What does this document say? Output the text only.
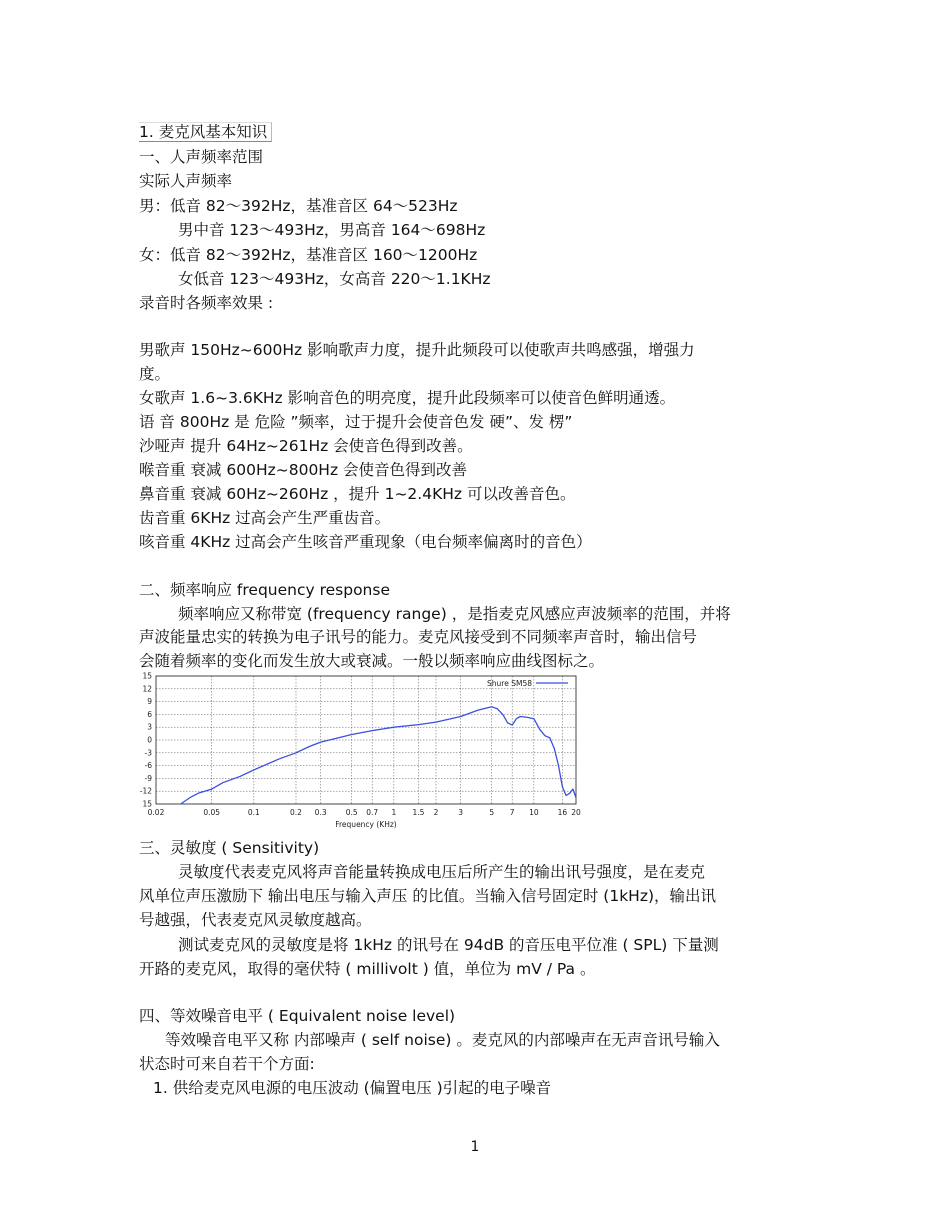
1. 麦克风基本知识
一、人声频率范围
实际人声频率
男：低音 82～392Hz，基准音区 64～523Hz
男中音 123～493Hz，男高音 164～698Hz
女：低音 82～392Hz，基准音区 160～1200Hz
女低音 123～493Hz，女高音 220～1.1KHz
录音时各频率效果 :
男歌声 150Hz~600Hz 影响歌声力度，提升此频段可以使歌声共鸣感强，增强力
度。
女歌声 1.6~3.6KHz 影响音色的明亮度，提升此段频率可以使音色鲜明通透。
语 音 800Hz 是 危险 ”频率，过于提升会使音色发 硬”、发 楞”
沙哑声 提升 64Hz~261Hz 会使音色得到改善。
喉音重 衰减 600Hz~800Hz 会使音色得到改善
鼻音重 衰减 60Hz~260Hz ，提升 1~2.4KHz 可以改善音色。
齿音重 6KHz 过高会产生严重齿音。
咳音重 4KHz 过高会产生咳音严重现象（电台频率偏离时的音色）
二、频率响应 frequency response
频率响应又称带宽 (frequency range) ，是指麦克风感应声波频率的范围，并将
声波能量忠实的转换为电子讯号的能力。麦克风接受到不同频率声音时，输出信号
会随着频率的变化而发生放大或衰减。一般以频率响应曲线图标之。
15
12
9
6
3
0
-3
-6
-9
-12
15
0.02	0.05	0.1	0.2 0.3	0.5 0.7 1 1.5 2	3	5 7 10	16 20
Shure SM58
Frequency (KHz)
三、灵敏度 ( Sensitivity)
灵敏度代表麦克风将声音能量转换成电压后所产生的输出讯号强度，是在麦克
风单位声压激励下 输出电压与输入声压 的比值。当输入信号固定时 (1kHz)，输出讯
号越强，代表麦克风灵敏度越高。
测试麦克风的灵敏度是将 1kHz 的讯号在 94dB 的音压电平位准 ( SPL) 下量测
开路的麦克风，取得的毫伏特 ( millivolt ) 值，单位为 mV / Pa 。
四、等效噪音电平 ( Equivalent noise level)
等效噪音电平又称 内部噪声 ( self noise) 。麦克风的内部噪声在无声音讯号输入
状态时可来自若干个方面:
1. 供给麦克风电源的电压波动 (偏置电压 )引起的电子噪音
1
